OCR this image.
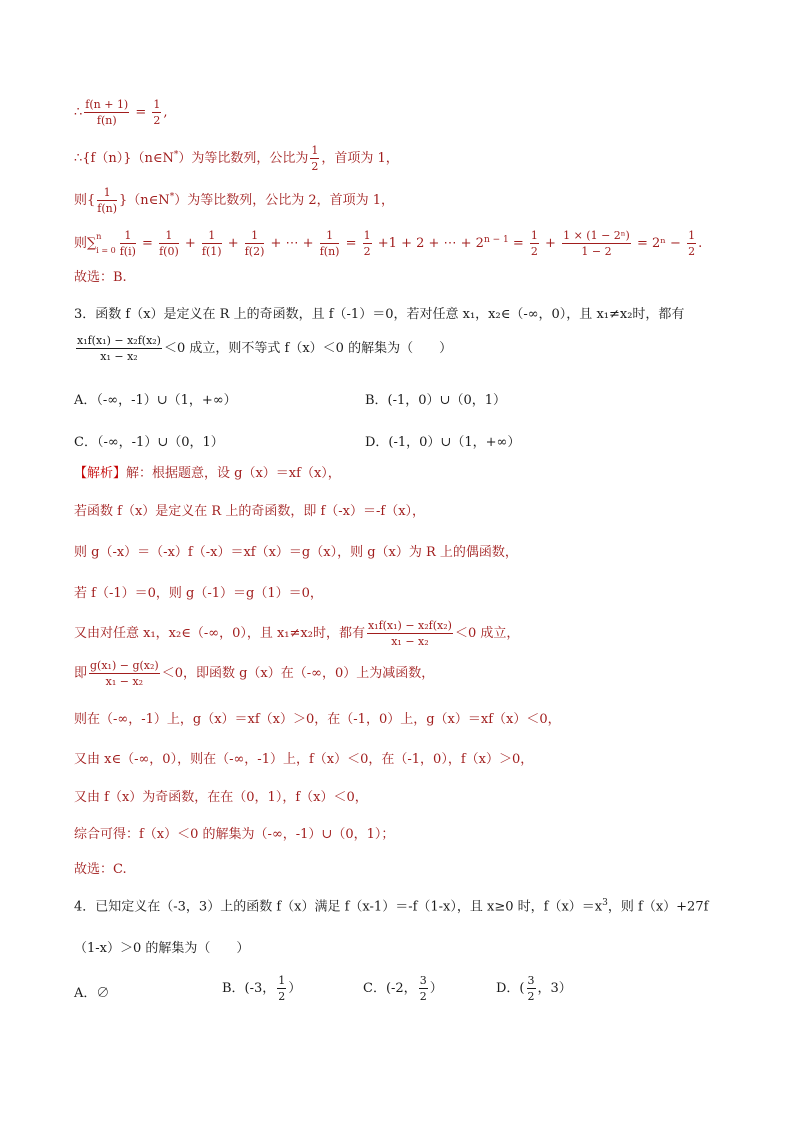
∴ $\frac{f(n + 1)}{f(n)} = \frac{1}{2}$ ,
∴{f（n）}（n∈N*）为等比数列，公比为 $\frac{1}{2}$ ，首项为 1，
则{ $\frac{1}{f(n)}$ }（n∈N*）为等比数列，公比为 2，首项为 1，
则∑ n
$i = 0 \frac{1}{f(i)} = \frac{1}{f(0)} + \frac{1}{f(1)} + \frac{1}{f(2)}$ + ⋯ + $\frac{1}{f(n)} = \frac{1}{2} +1 + 2$ + ⋯ + $2^{n - 1} = \frac{1}{2} + \frac{\text{1 × (1 − 2ⁿ)}}{1 - 2} = 2^n - \frac{1}{2}$ .
故选：B.
3．函数 f（x）是定义在 R 上的奇函数，且 f（-1）＝0，若对任意 x₁，x₂∈（-∞，0），且 x₁≠x₂时，都有
$\frac{\text{x₁f(x₁) − x₂f(x₂)}}{\text{x₁ − x₂}} <0$ 成立，则不等式 f（x）＜0 的解集为（　　）
A．（-∞，-1）∪（1，+∞）	B．(-1，0）∪（0，1）
C．（-∞，-1）∪（0，1）	D．(-1，0）∪（1，+∞）
【解析】解：根据题意，设 g（x）＝xf（x），
若函数 f（x）是定义在 R 上的奇函数，即 f（-x）＝-f（x），
则 g（-x）＝（-x）f（-x）＝xf（x）＝g（x），则 g（x）为 R 上的偶函数，
若 f（-1）＝0，则 g（-1）＝g（1）＝0，
又由对任意 x₁，x₂∈（-∞，0），且 x₁≠x₂时，都有 $\frac{\text{x₁f(x₁) − x₂f(x₂)}}{\text{x₁ − x₂}} <0$ 成立，
即 $\frac{\text{g(x₁) − g(x₂)}}{\text{x₁ − x₂}} <0$，即函数 g（x）在（-∞，0）上为减函数，
则在（-∞，-1）上，g（x）＝xf（x）＞0，在（-1，0）上，g（x）＝xf（x）＜0，
又由 x∈（-∞，0），则在（-∞，-1）上，f（x）＜0，在（-1，0），f（x）＞0，
又由 f（x）为奇函数，在在（0，1），f（x）＜0，
综合可得：f（x）＜0 的解集为（-∞，-1）∪（0，1）；
故选：C.
4．已知定义在（-3，3）上的函数 f（x）满足 f（x-1）＝-f（1-x），且 x≥0 时，$f(x)=x^3$，则 f（x）+27f
（1-x）＞0 的解集为（　　）
A．∅	B．(-3， $\frac{1}{2}$ ）	C．(-2， $\frac{3}{2}$ ）	D．( $\frac{3}{2}$ ，3）
